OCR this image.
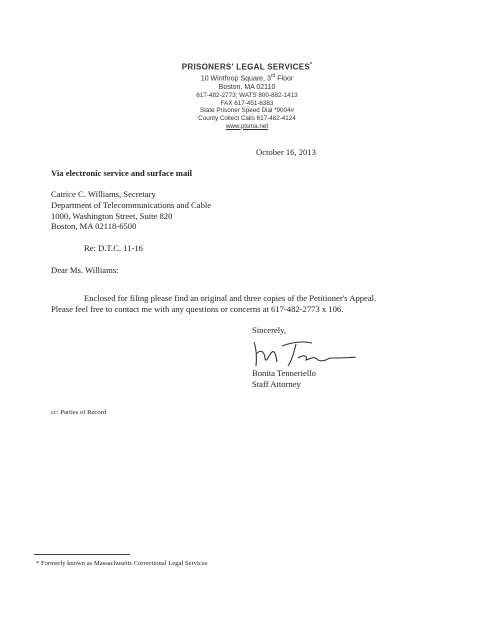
PRISONERS' LEGAL SERVICES*
10 Winthrop Square, 3rd Floor
Boston, MA 02110
617-482-2773; WATS 800-882-1413
FAX 617-451-6383
State Prisoner Speed Dial *9004#
County Collect Calls 617-482-4124
www.plsma.net
October 16, 2013
Via electronic service and surface mail
Catrice C. Williams, Secretary
Department of Telecommunications and Cable
1000, Washington Street, Suite 820
Boston, MA 02118-6500
Re: D.T.C. 11-16
Dear Ms. Williams:
Enclosed for filing please find an original and three copies of the Petitioner's Appeal.
Please feel free to contact me with any questions or concerns at 617-482-2773 x 106.
Sincerely,
Bonita Tenneriello
Staff Attorney
cc: Parties of Record
* Formerly known as Massachusetts Correctional Legal Services
